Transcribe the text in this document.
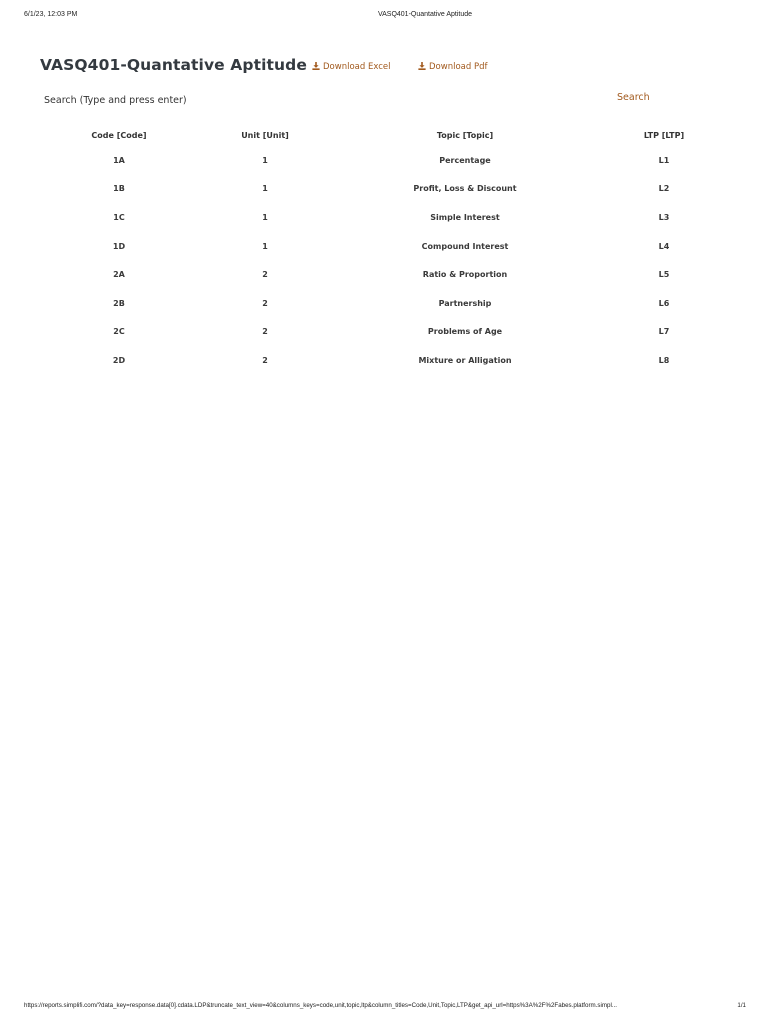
6/1/23, 12:03 PM	VASQ401-Quantative Aptitude
VASQ401-Quantative Aptitude	Download Excel	Download Pdf
Search (Type and press enter)
Search
Code [Code]	Unit [Unit]	Topic [Topic]	LTP [LTP]
1A	1	Percentage	L1
1B	1	Profit, Loss & Discount	L2
1C	1	Simple Interest	L3
1D	1	Compound Interest	L4
2A	2	Ratio & Proportion	L5
2B	2	Partnership	L6
2C	2	Problems of Age	L7
2D	2	Mixture or Alligation	L8
https://reports.simplifi.com/?data_key=response.data[0].cdata.LDP&truncate_text_view=40&columns_keys=code,unit,topic,ltp&column_titles=Code,Unit,Topic,LTP&get_api_url=https%3A%2F%2Fabes.platform.simpl...	1/1
